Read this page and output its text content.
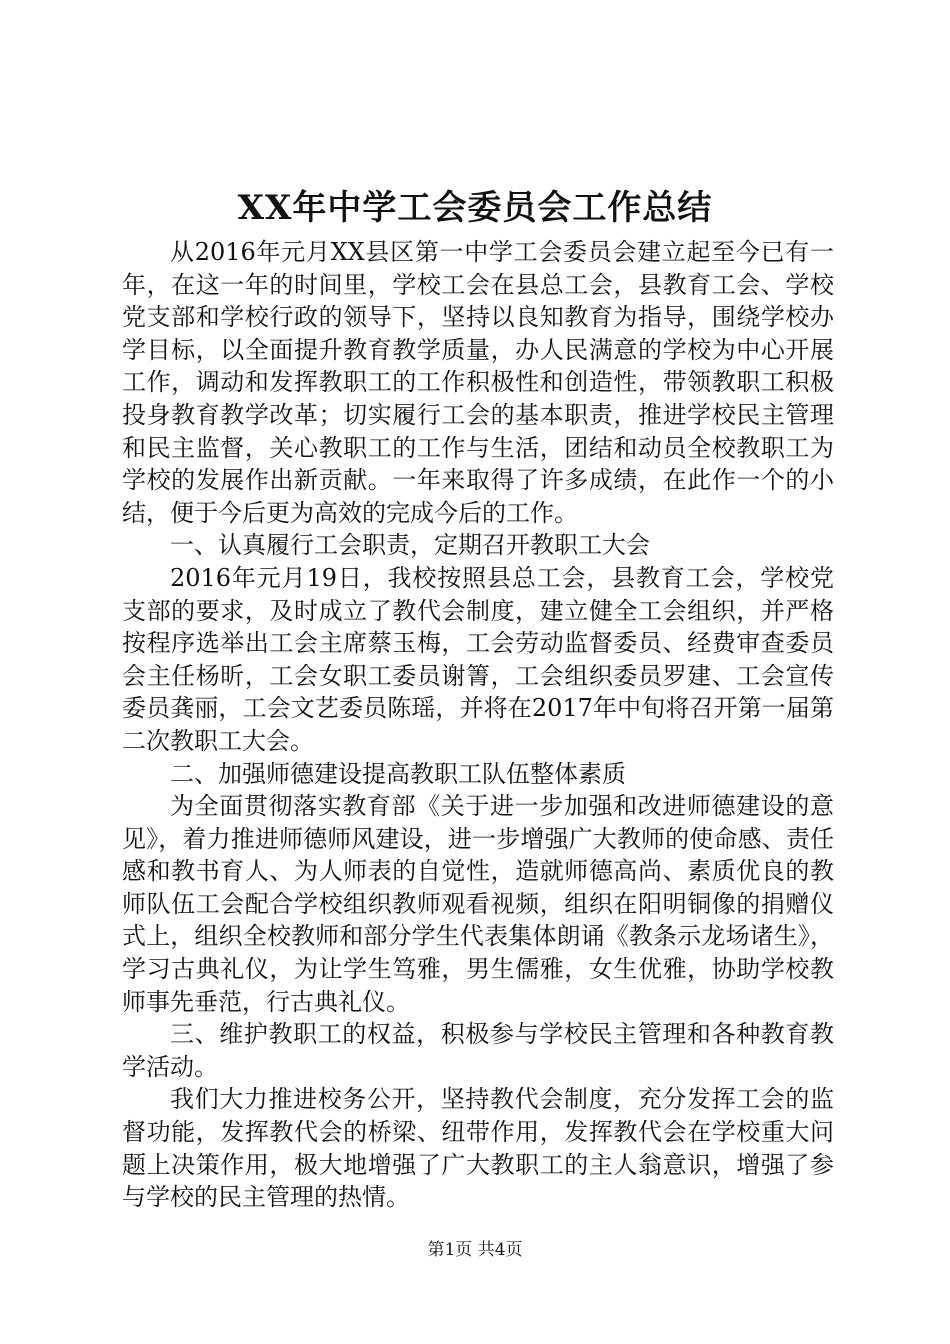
XX年中学工会委员会工作总结

从2016年元月XX县区第一中学工会委员会建立起至今已有一年，在这一年的时间里，学校工会在县总工会，县教育工会、学校党支部和学校行政的领导下，坚持以良知教育为指导，围绕学校办学目标，以全面提升教育教学质量，办人民满意的学校为中心开展工作，调动和发挥教职工的工作积极性和创造性，带领教职工积极投身教育教学改革；切实履行工会的基本职责，推进学校民主管理和民主监督，关心教职工的工作与生活，团结和动员全校教职工为学校的发展作出新贡献。一年来取得了许多成绩，在此作一个的小结，便于今后更为高效的完成今后的工作。

一、认真履行工会职责，定期召开教职工大会

2016年元月19日，我校按照县总工会，县教育工会，学校党支部的要求，及时成立了教代会制度，建立健全工会组织，并严格按程序选举出工会主席蔡玉梅，工会劳动监督委员、经费审查委员会主任杨昕，工会女职工委员谢箐，工会组织委员罗建、工会宣传委员龚丽，工会文艺委员陈瑶，并将在2017年中旬将召开第一届第二次教职工大会。

二、加强师德建设提高教职工队伍整体素质

为全面贯彻落实教育部《关于进一步加强和改进师德建设的意见》，着力推进师德师风建设，进一步增强广大教师的使命感、责任感和教书育人、为人师表的自觉性，造就师德高尚、素质优良的教师队伍工会配合学校组织教师观看视频，组织在阳明铜像的捐赠仪式上，组织全校教师和部分学生代表集体朗诵《教条示龙场诸生》，学习古典礼仪，为让学生笃雅，男生儒雅，女生优雅，协助学校教师事先垂范，行古典礼仪。

三、维护教职工的权益，积极参与学校民主管理和各种教育教学活动。

我们大力推进校务公开，坚持教代会制度，充分发挥工会的监督功能，发挥教代会的桥梁、纽带作用，发挥教代会在学校重大问题上决策作用，极大地增强了广大教职工的主人翁意识，增强了参与学校的民主管理的热情。

第1页 共4页
